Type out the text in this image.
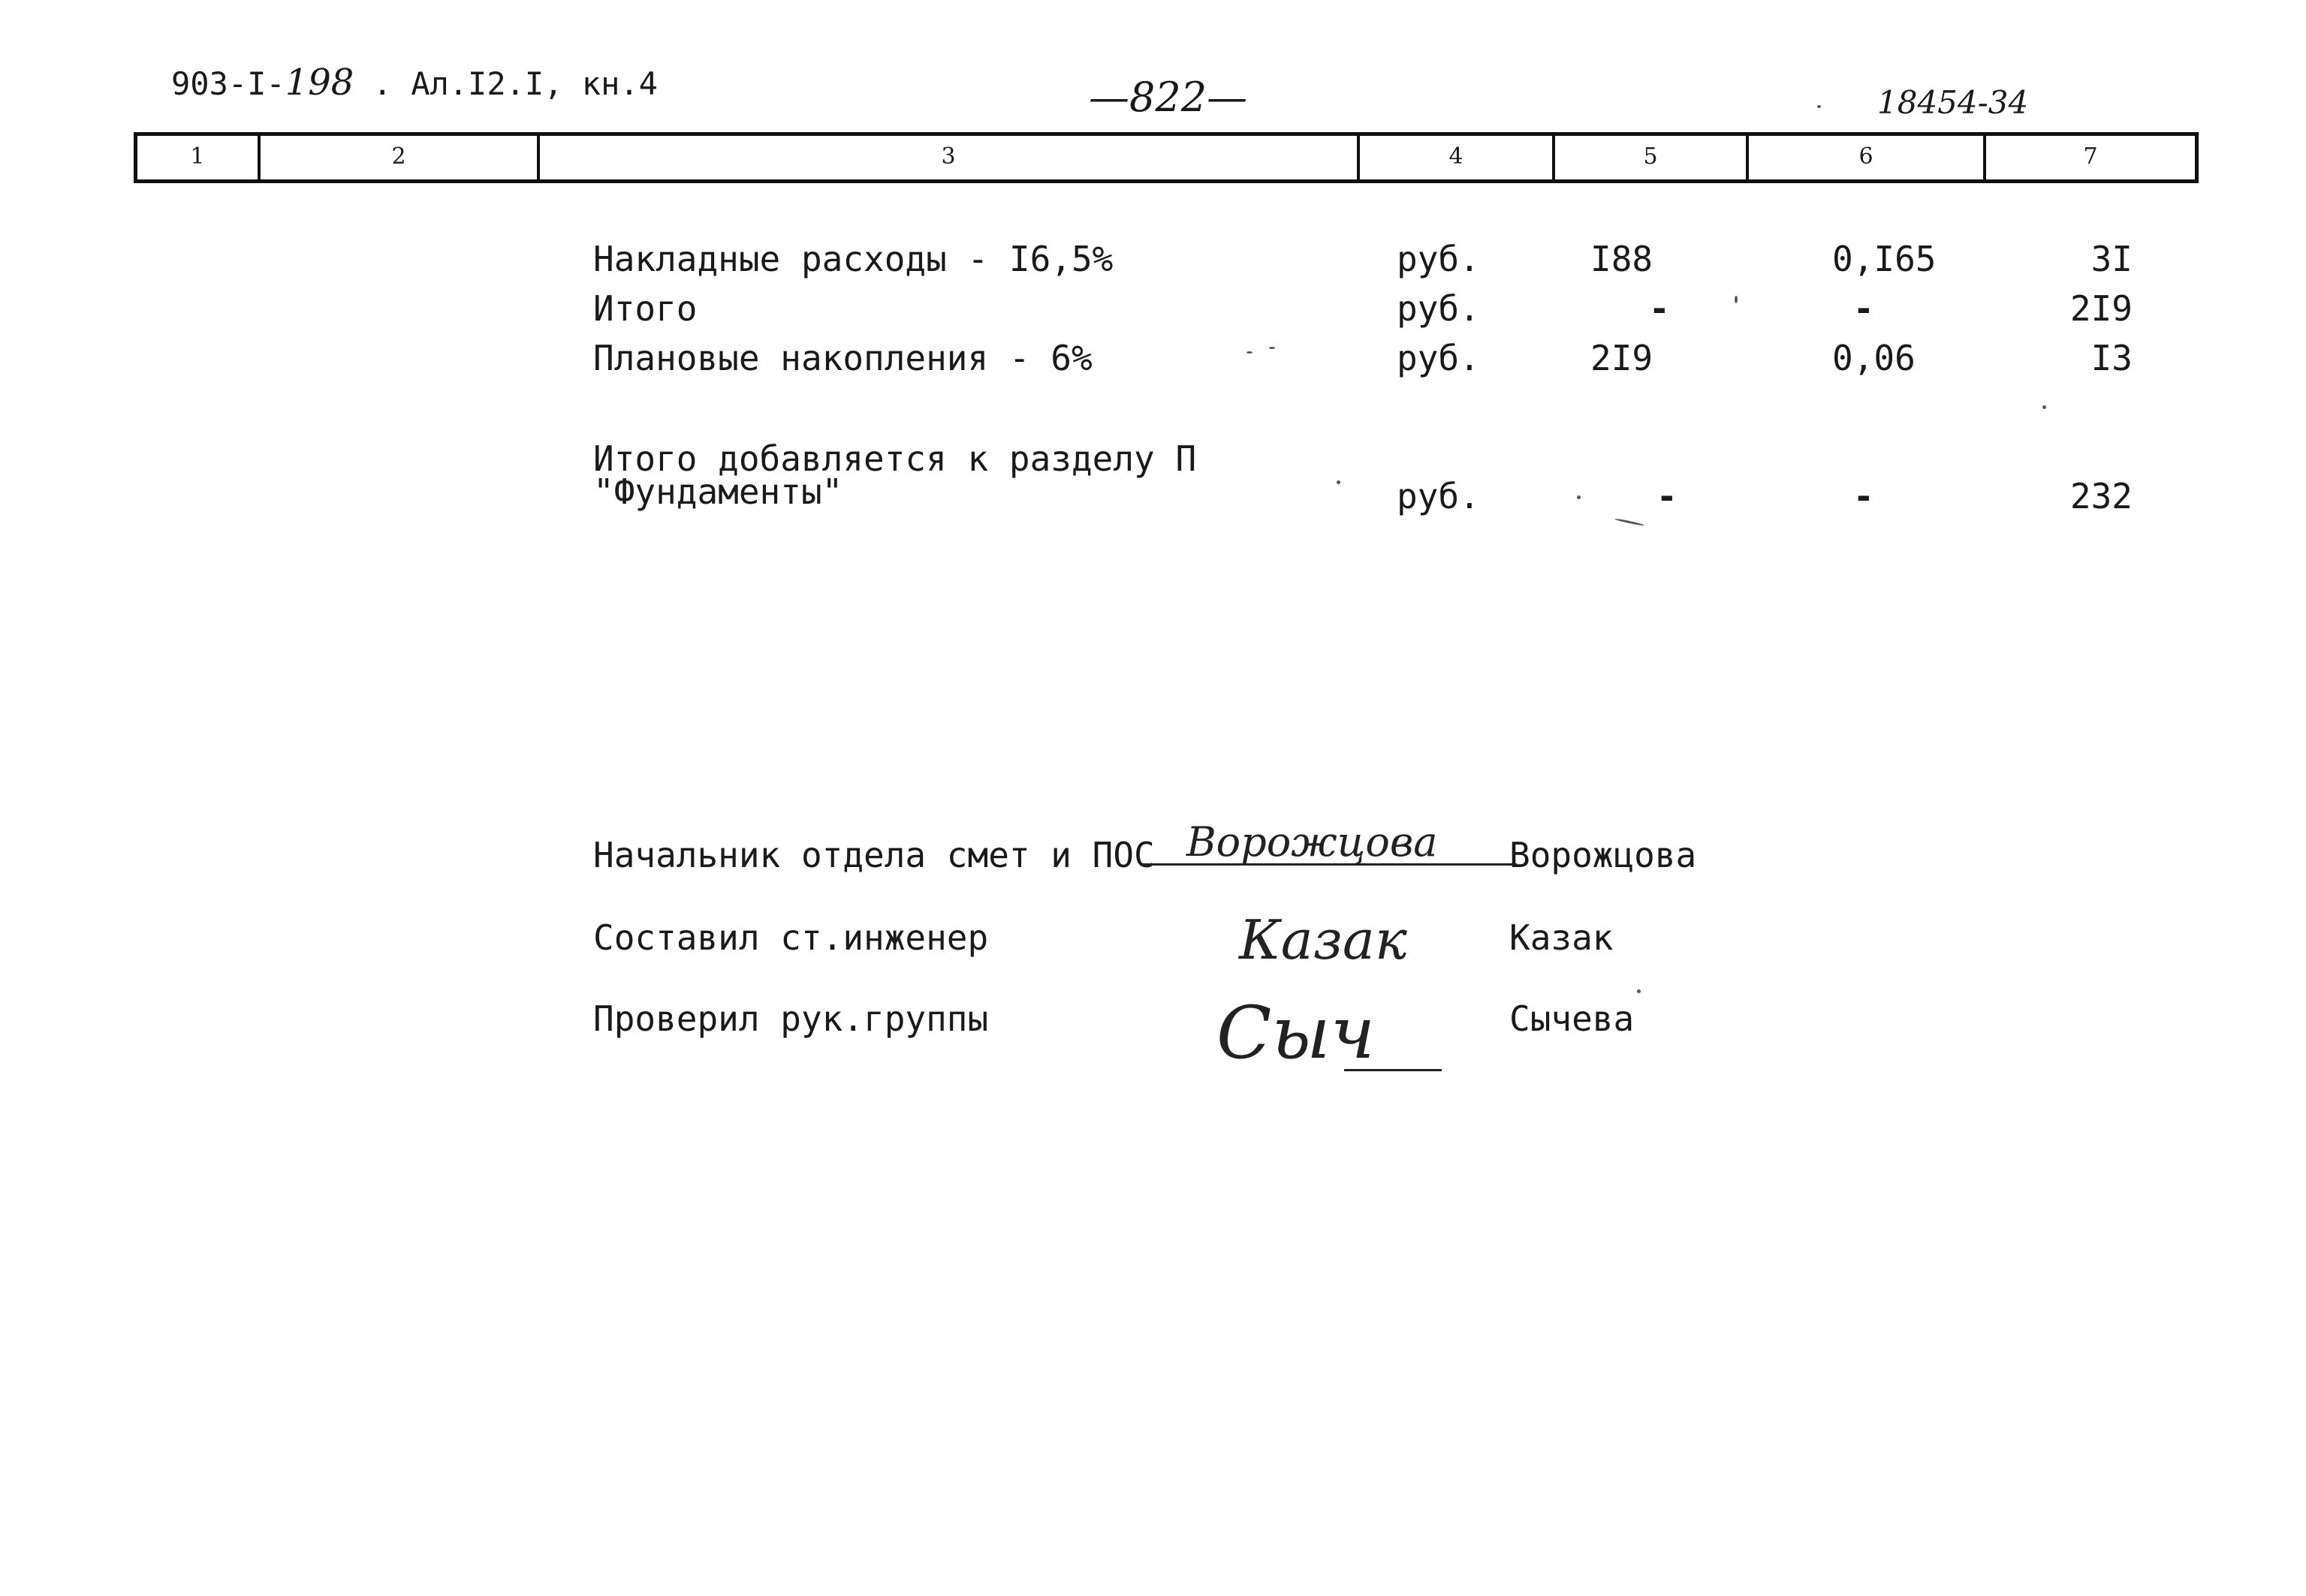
903-I-198 . Ал.I2.I, кн.4	—822—	18454-34
1	2	3	4	5	6	7
Накладные расходы - I6,5%	руб.	I88	0,I65	3I
Итого	руб.	-	-	2I9
Плановые накопления - 6%	руб.	2I9	0,06	I3
Итого добавляется к разделу П
"Фундаменты"	руб.	-	-	232
Начальник отдела смет и ПОС Ворожцова Ворожцова
Составил ст.инженер	Казак	Казак
Проверил рук.группы	Сыч	Сычева
